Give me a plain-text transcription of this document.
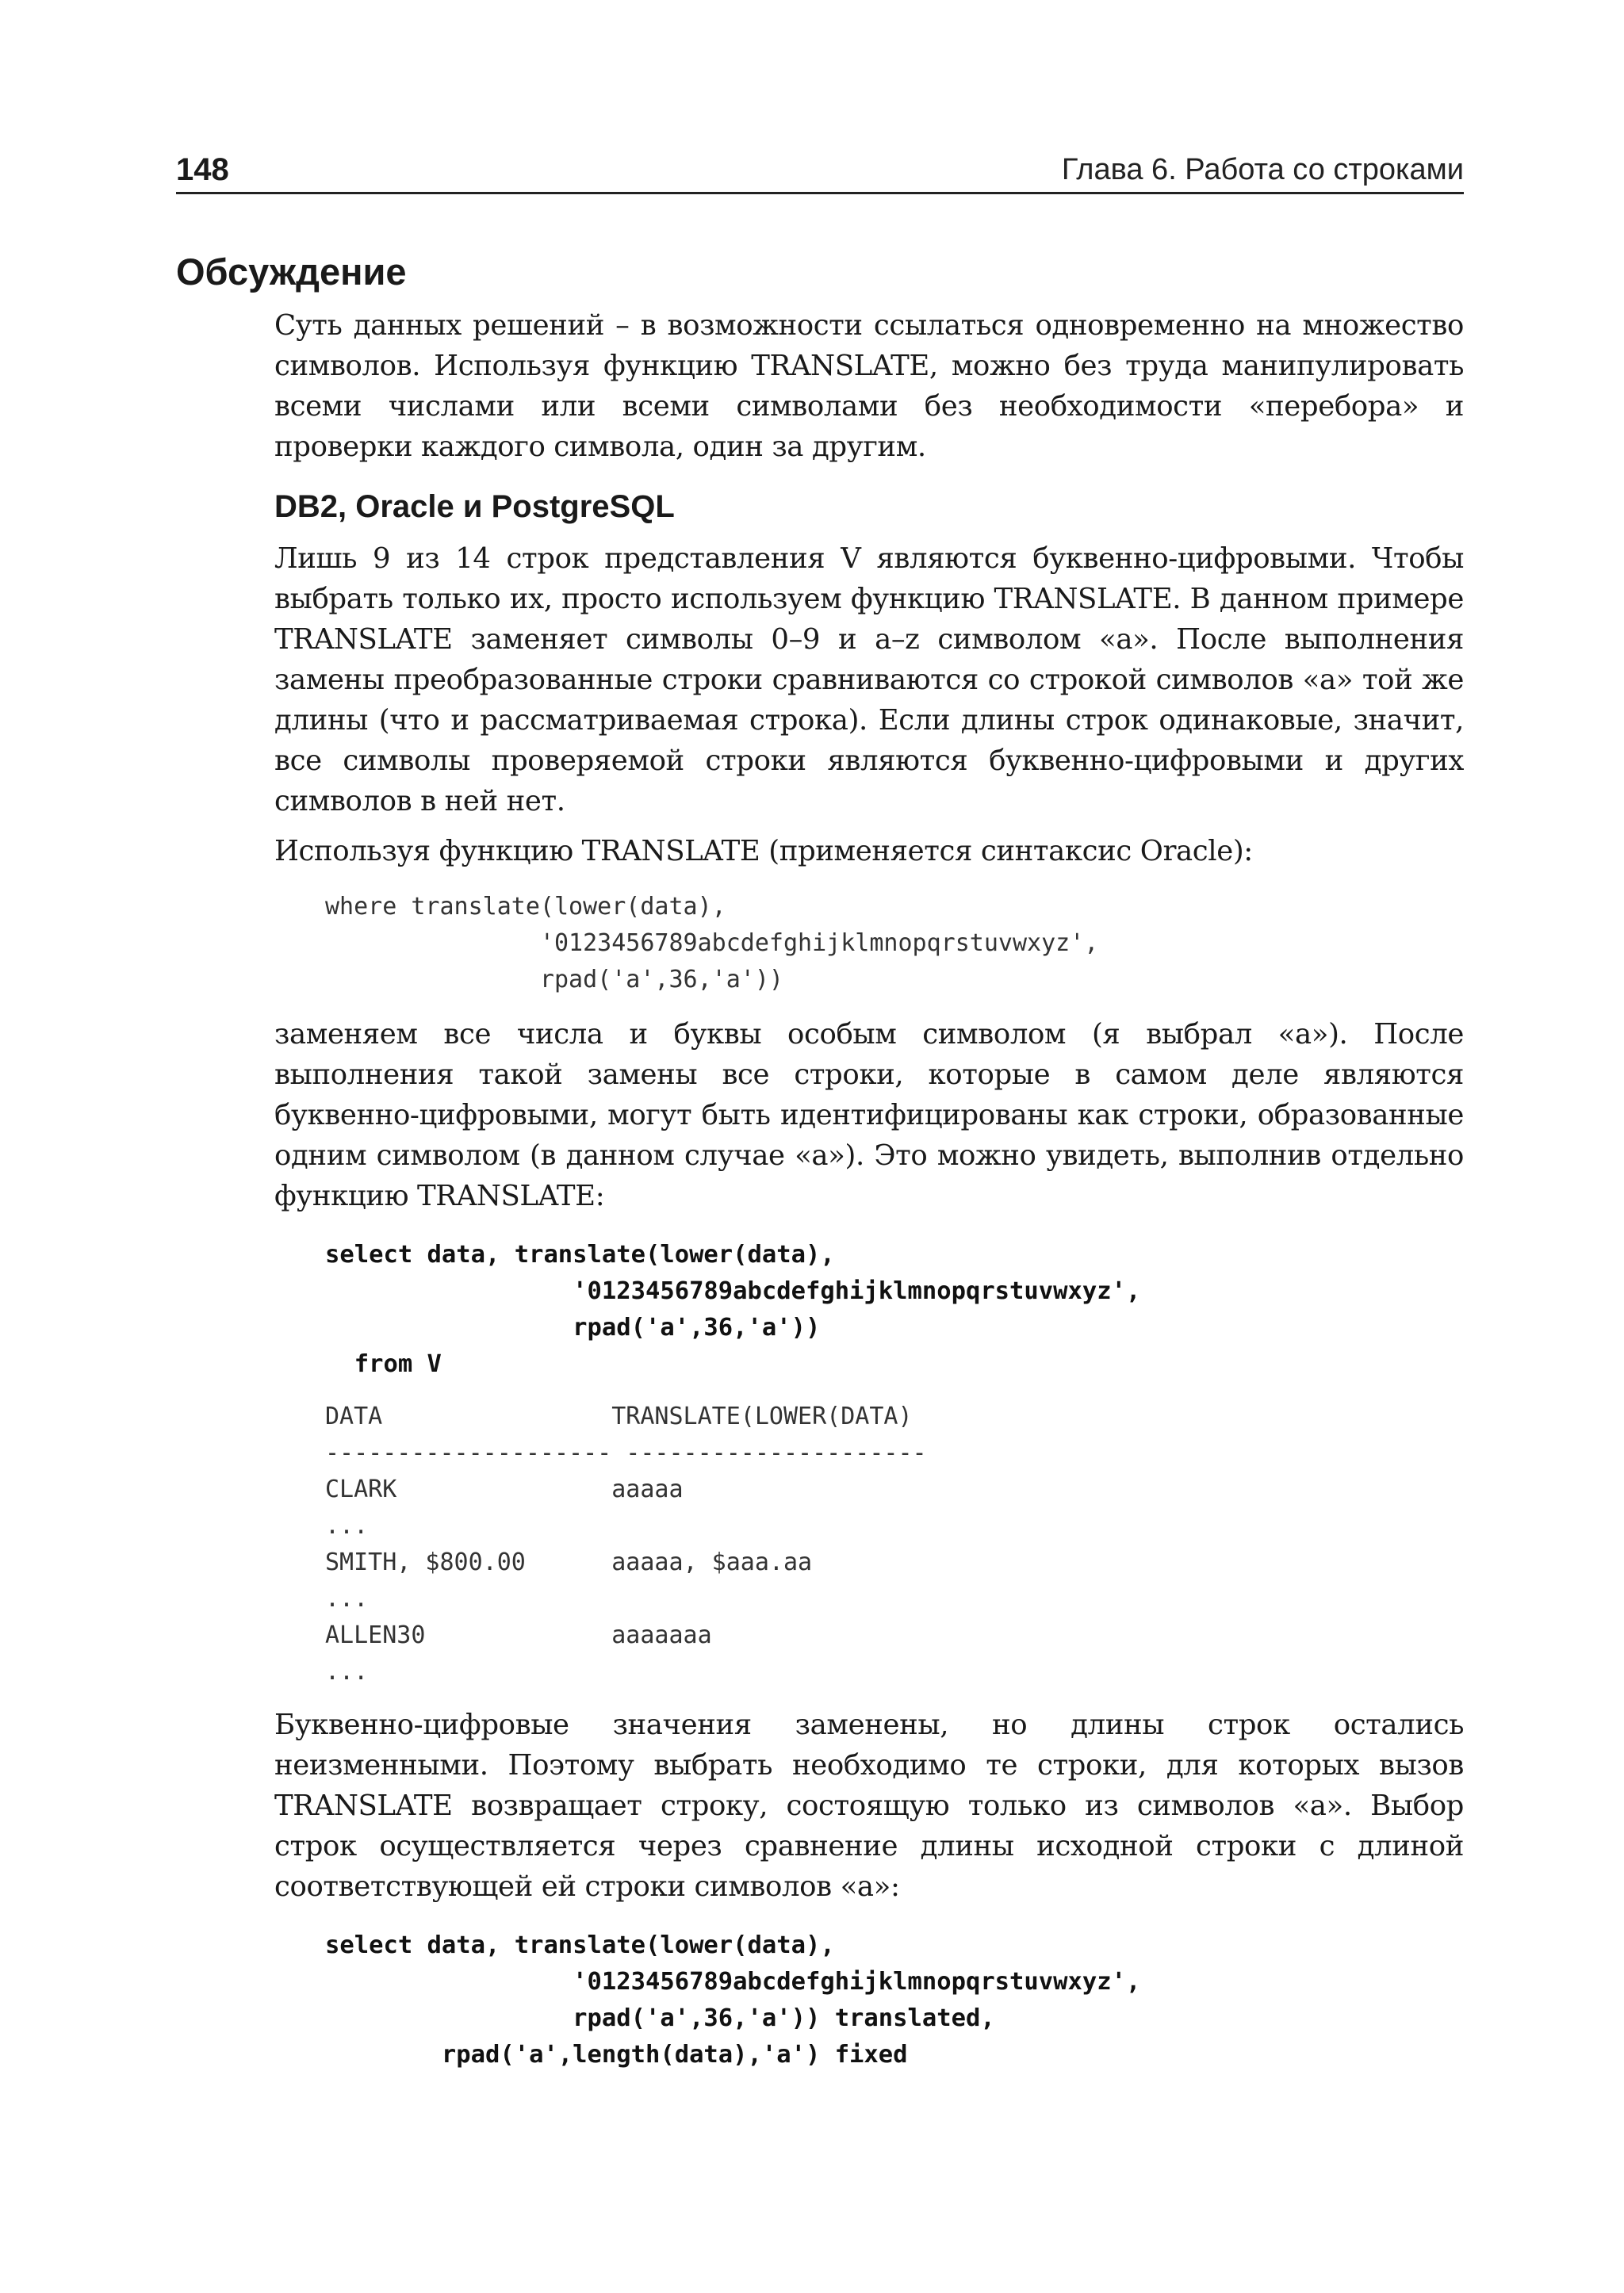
148	Глава 6. Работа со строками
Обсуждение

Суть данных решений – в возможности ссылаться одновременно на множество символов. Используя функцию TRANSLATE, можно без труда манипулировать всеми числами или всеми символами без необходимости «перебора» и проверки каждого символа, один за другим.

DB2, Oracle и PostgreSQL

Лишь 9 из 14 строк представления V являются буквенно-цифровыми. Чтобы выбрать только их, просто используем функцию TRANSLATE. В данном примере TRANSLATE заменяет символы 0–9 и a–z символом «a». После выполнения замены преобразованные строки сравниваются со строкой символов «a» той же длины (что и рассматриваемая строка). Если длины строк одинаковые, значит, все символы проверяемой строки являются буквенно-цифровыми и других символов в ней нет.

Используя функцию TRANSLATE (применяется синтаксис Oracle):

where translate(lower(data),
'0123456789abcdefghijklmnopqrstuvwxyz',
rpad('a',36,'a'))

заменяем все числа и буквы особым символом (я выбрал «a»). После выполнения такой замены все строки, которые в самом деле являются буквенно-цифровыми, могут быть идентифицированы как строки, образованные одним символом (в данном случае «a»). Это можно увидеть, выполнив отдельно функцию TRANSLATE:

select data, translate(lower(data),
'0123456789abcdefghijklmnopqrstuvwxyz',
rpad('a',36,'a'))
from V
DATA                TRANSLATE(LOWER(DATA)
-------------------- ---------------------
CLARK               aaaaa
...
SMITH, $800.00      aaaaa, $aaa.aa
...
ALLEN30             aaaaaaa
...

Буквенно-цифровые значения заменены, но длины строк остались неизменными. Поэтому выбрать необходимо те строки, для которых вызов TRANSLATE возвращает строку, состоящую только из символов «a». Выбор строк осуществляется через сравнение длины исходной строки с длиной соответствующей ей строки символов «a»:

select data, translate(lower(data),
'0123456789abcdefghijklmnopqrstuvwxyz',
rpad('a',36,'a')) translated,
rpad('a',length(data),'a') fixed
